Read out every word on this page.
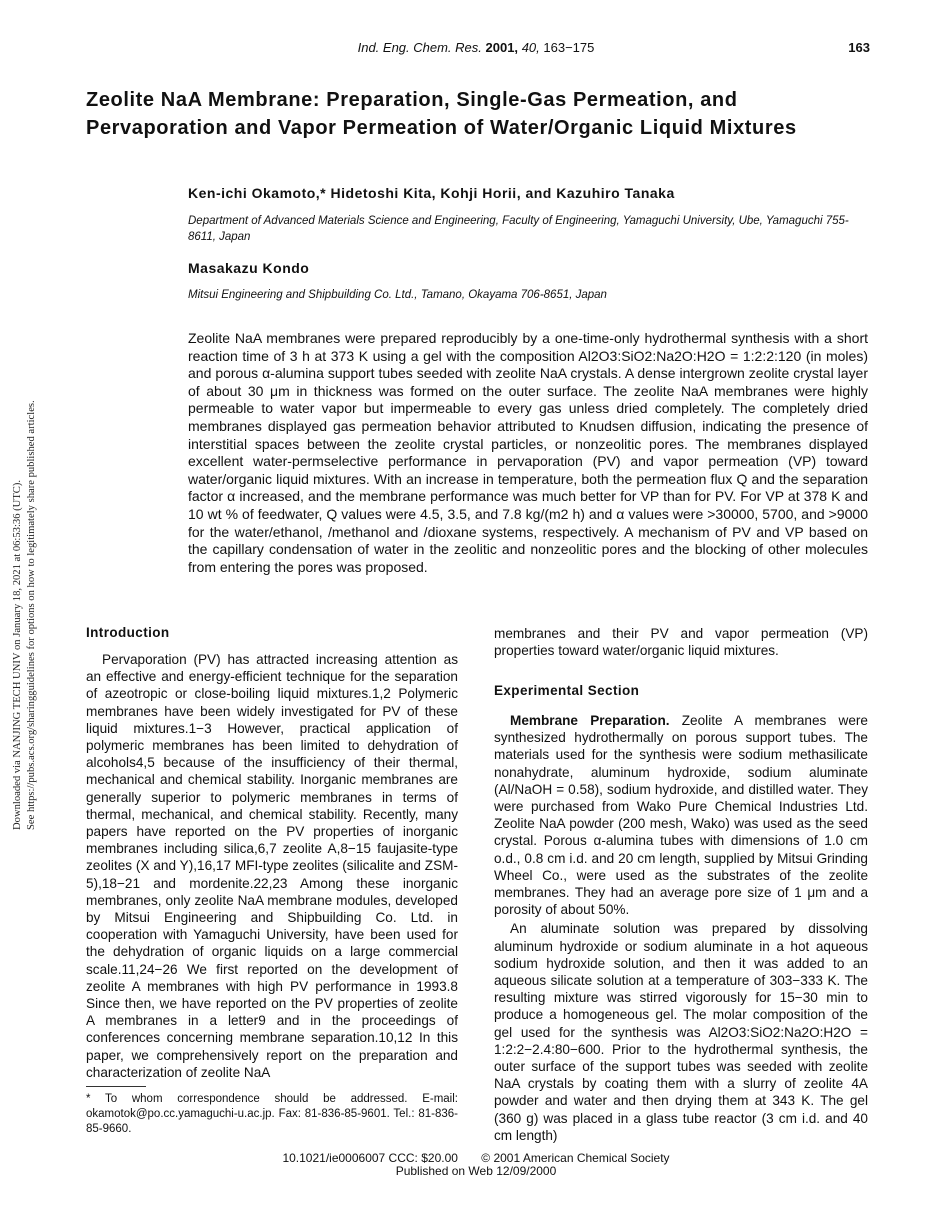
Ind. Eng. Chem. Res. 2001, 40, 163−175	163
Zeolite NaA Membrane: Preparation, Single-Gas Permeation, and Pervaporation and Vapor Permeation of Water/Organic Liquid Mixtures
Ken-ichi Okamoto,* Hidetoshi Kita, Kohji Horii, and Kazuhiro Tanaka
Department of Advanced Materials Science and Engineering, Faculty of Engineering, Yamaguchi University, Ube, Yamaguchi 755-8611, Japan
Masakazu Kondo
Mitsui Engineering and Shipbuilding Co. Ltd., Tamano, Okayama 706-8651, Japan
Zeolite NaA membranes were prepared reproducibly by a one-time-only hydrothermal synthesis with a short reaction time of 3 h at 373 K using a gel with the composition Al2O3:SiO2:Na2O:H2O = 1:2:2:120 (in moles) and porous α-alumina support tubes seeded with zeolite NaA crystals. A dense intergrown zeolite crystal layer of about 30 μm in thickness was formed on the outer surface. The zeolite NaA membranes were highly permeable to water vapor but impermeable to every gas unless dried completely. The completely dried membranes displayed gas permeation behavior attributed to Knudsen diffusion, indicating the presence of interstitial spaces between the zeolite crystal particles, or nonzeolitic pores. The membranes displayed excellent water-permselective performance in pervaporation (PV) and vapor permeation (VP) toward water/organic liquid mixtures. With an increase in temperature, both the permeation flux Q and the separation factor α increased, and the membrane performance was much better for VP than for PV. For VP at 378 K and 10 wt % of feedwater, Q values were 4.5, 3.5, and 7.8 kg/(m2 h) and α values were >30000, 5700, and >9000 for the water/ethanol, /methanol and /dioxane systems, respectively. A mechanism of PV and VP based on the capillary condensation of water in the zeolitic and nonzeolitic pores and the blocking of other molecules from entering the pores was proposed.
Downloaded via NANJING TECH UNIV on January 18, 2021 at 06:53:36 (UTC). See https://pubs.acs.org/sharingguidelines for options on how to legitimately share published articles.	Introduction

Pervaporation (PV) has attracted increasing attention as an effective and energy-efficient technique for the separation of azeotropic or close-boiling liquid mixtures.1,2 Polymeric membranes have been widely investigated for PV of these liquid mixtures.1−3 However, practical application of polymeric membranes has been limited to dehydration of alcohols4,5 because of the insufficiency of their thermal, mechanical and chemical stability. Inorganic membranes are generally superior to polymeric membranes in terms of thermal, mechanical, and chemical stability. Recently, many papers have reported on the PV properties of inorganic membranes including silica,6,7 zeolite A,8−15 faujasite-type zeolites (X and Y),16,17 MFI-type zeolites (silicalite and ZSM-5),18−21 and mordenite.22,23 Among these inorganic membranes, only zeolite NaA membrane modules, developed by Mitsui Engineering and Shipbuilding Co. Ltd. in cooperation with Yamaguchi University, have been used for the dehydration of organic liquids on a large commercial scale.11,24−26 We first reported on the development of zeolite A membranes with high PV performance in 1993.8 Since then, we have reported on the PV properties of zeolite A membranes in a letter9 and in the proceedings of conferences concerning membrane separation.10,12 In this paper, we comprehensively report on the preparation and characterization of zeolite NaA

membranes and their PV and vapor permeation (VP) properties toward water/organic liquid mixtures.

Experimental Section

Membrane Preparation. Zeolite A membranes were synthesized hydrothermally on porous support tubes. The materials used for the synthesis were sodium methasilicate nonahydrate, aluminum hydroxide, sodium aluminate (Al/NaOH = 0.58), sodium hydroxide, and distilled water. They were purchased from Wako Pure Chemical Industries Ltd. Zeolite NaA powder (200 mesh, Wako) was used as the seed crystal. Porous α-alumina tubes with dimensions of 1.0 cm o.d., 0.8 cm i.d. and 20 cm length, supplied by Mitsui Grinding Wheel Co., were used as the substrates of the zeolite membranes. They had an average pore size of 1 μm and a porosity of about 50%.

An aluminate solution was prepared by dissolving aluminum hydroxide or sodium aluminate in a hot aqueous sodium hydroxide solution, and then it was added to an aqueous silicate solution at a temperature of 303−333 K. The resulting mixture was stirred vigorously for 15−30 min to produce a homogeneous gel. The molar composition of the gel used for the synthesis was Al2O3:SiO2:Na2O:H2O = 1:2:2−2.4:80−600. Prior to the hydrothermal synthesis, the outer surface of the support tubes was seeded with zeolite NaA crystals by coating them with a slurry of zeolite 4A powder and water and then drying them at 343 K. The gel (360 g) was placed in a glass tube reactor (3 cm i.d. and 40 cm length)

* To whom correspondence should be addressed. E-mail: okamotok@po.cc.yamaguchi-u.ac.jp. Fax: 81-836-85-9601. Tel.: 81-836-85-9660.
10.1021/ie0006007 CCC: $20.00 © 2001 American Chemical Society
Published on Web 12/09/2000
